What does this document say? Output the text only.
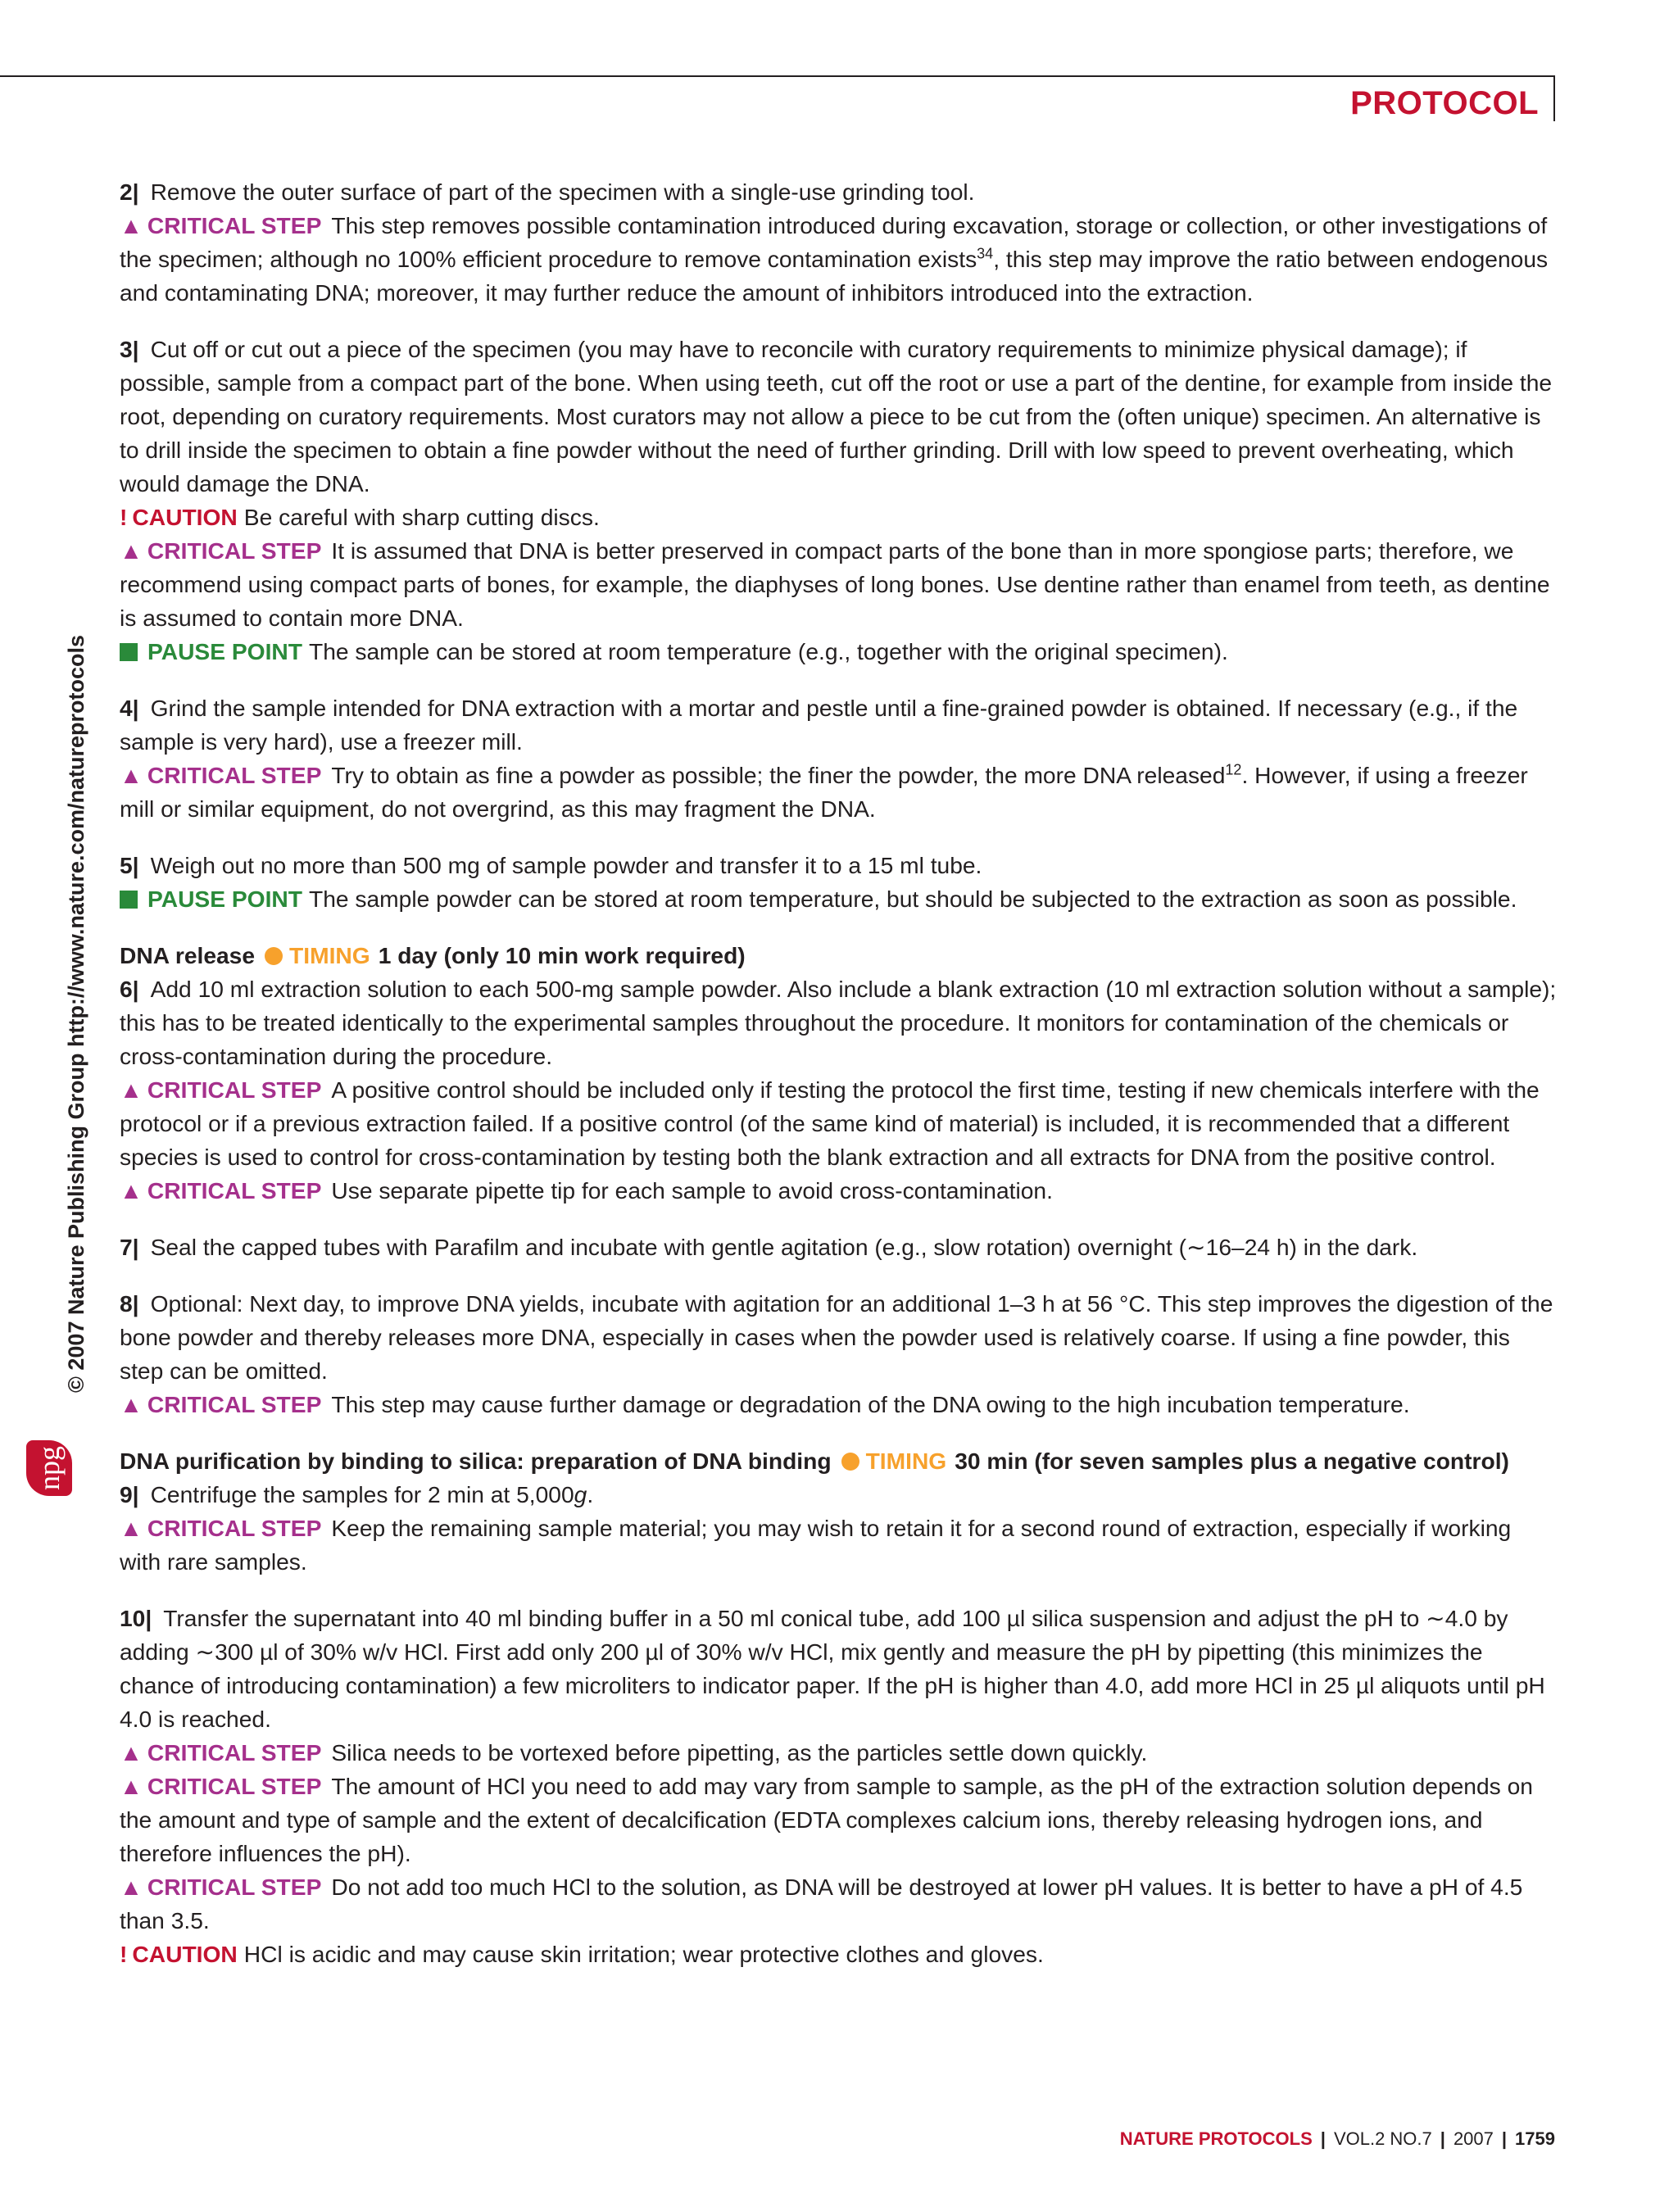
PROTOCOL
© 2007 Nature Publishing Group http://www.nature.com/natureprotocols
npg

2| Remove the outer surface of part of the specimen with a single-use grinding tool.

▲ CRITICAL STEP This step removes possible contamination introduced during excavation, storage or collection, or other investigations of the specimen; although no 100% efficient procedure to remove contamination exists$^{34}$, this step may improve the ratio between endogenous and contaminating DNA; moreover, it may further reduce the amount of inhibitors introduced into the extraction.

3| Cut off or cut out a piece of the specimen (you may have to reconcile with curatory requirements to minimize physical damage); if possible, sample from a compact part of the bone. When using teeth, cut off the root or use a part of the dentine, for example from inside the root, depending on curatory requirements. Most curators may not allow a piece to be cut from the (often unique) specimen. An alternative is to drill inside the specimen to obtain a fine powder without the need of further grinding. Drill with low speed to prevent overheating, which would damage the DNA.

! CAUTION Be careful with sharp cutting discs.

▲ CRITICAL STEP It is assumed that DNA is better preserved in compact parts of the bone than in more spongiose parts; therefore, we recommend using compact parts of bones, for example, the diaphyses of long bones. Use dentine rather than enamel from teeth, as dentine is assumed to contain more DNA.

PAUSE POINT The sample can be stored at room temperature (e.g., together with the original specimen).

4| Grind the sample intended for DNA extraction with a mortar and pestle until a fine-grained powder is obtained. If necessary (e.g., if the sample is very hard), use a freezer mill.

▲ CRITICAL STEP Try to obtain as fine a powder as possible; the finer the powder, the more DNA released$^{12}$. However, if using a freezer mill or similar equipment, do not overgrind, as this may fragment the DNA.

5| Weigh out no more than 500 mg of sample powder and transfer it to a 15 ml tube.

PAUSE POINT The sample powder can be stored at room temperature, but should be subjected to the extraction as soon as possible.

DNA release TIMING 1 day (only 10 min work required)

6| Add 10 ml extraction solution to each 500-mg sample powder. Also include a blank extraction (10 ml extraction solution without a sample); this has to be treated identically to the experimental samples throughout the procedure. It monitors for contamination of the chemicals or cross-contamination during the procedure.

▲ CRITICAL STEP A positive control should be included only if testing the protocol the first time, testing if new chemicals interfere with the protocol or if a previous extraction failed. If a positive control (of the same kind of material) is included, it is recommended that a different species is used to control for cross-contamination by testing both the blank extraction and all extracts for DNA from the positive control.

▲ CRITICAL STEP Use separate pipette tip for each sample to avoid cross-contamination.

7| Seal the capped tubes with Parafilm and incubate with gentle agitation (e.g., slow rotation) overnight (∼16–24 h) in the dark.

8| Optional: Next day, to improve DNA yields, incubate with agitation for an additional 1–3 h at 56 °C. This step improves the digestion of the bone powder and thereby releases more DNA, especially in cases when the powder used is relatively coarse. If using a fine powder, this step can be omitted.

▲ CRITICAL STEP This step may cause further damage or degradation of the DNA owing to the high incubation temperature.

DNA purification by binding to silica: preparation of DNA binding TIMING 30 min (for seven samples plus a negative control)

9| Centrifuge the samples for 2 min at 5,000g.

▲ CRITICAL STEP Keep the remaining sample material; you may wish to retain it for a second round of extraction, especially if working with rare samples.

10| Transfer the supernatant into 40 ml binding buffer in a 50 ml conical tube, add 100 µl silica suspension and adjust the pH to ∼4.0 by adding ∼300 µl of 30% w/v HCl. First add only 200 µl of 30% w/v HCl, mix gently and measure the pH by pipetting (this minimizes the chance of introducing contamination) a few microliters to indicator paper. If the pH is higher than 4.0, add more HCl in 25 µl aliquots until pH 4.0 is reached.

▲ CRITICAL STEP Silica needs to be vortexed before pipetting, as the particles settle down quickly.

▲ CRITICAL STEP The amount of HCl you need to add may vary from sample to sample, as the pH of the extraction solution depends on the amount and type of sample and the extent of decalcification (EDTA complexes calcium ions, thereby releasing hydrogen ions, and therefore influences the pH).

▲ CRITICAL STEP Do not add too much HCl to the solution, as DNA will be destroyed at lower pH values. It is better to have a pH of 4.5 than 3.5.

! CAUTION HCl is acidic and may cause skin irritation; wear protective clothes and gloves.

NATURE PROTOCOLS | VOL.2 NO.7 | 2007 | 1759
